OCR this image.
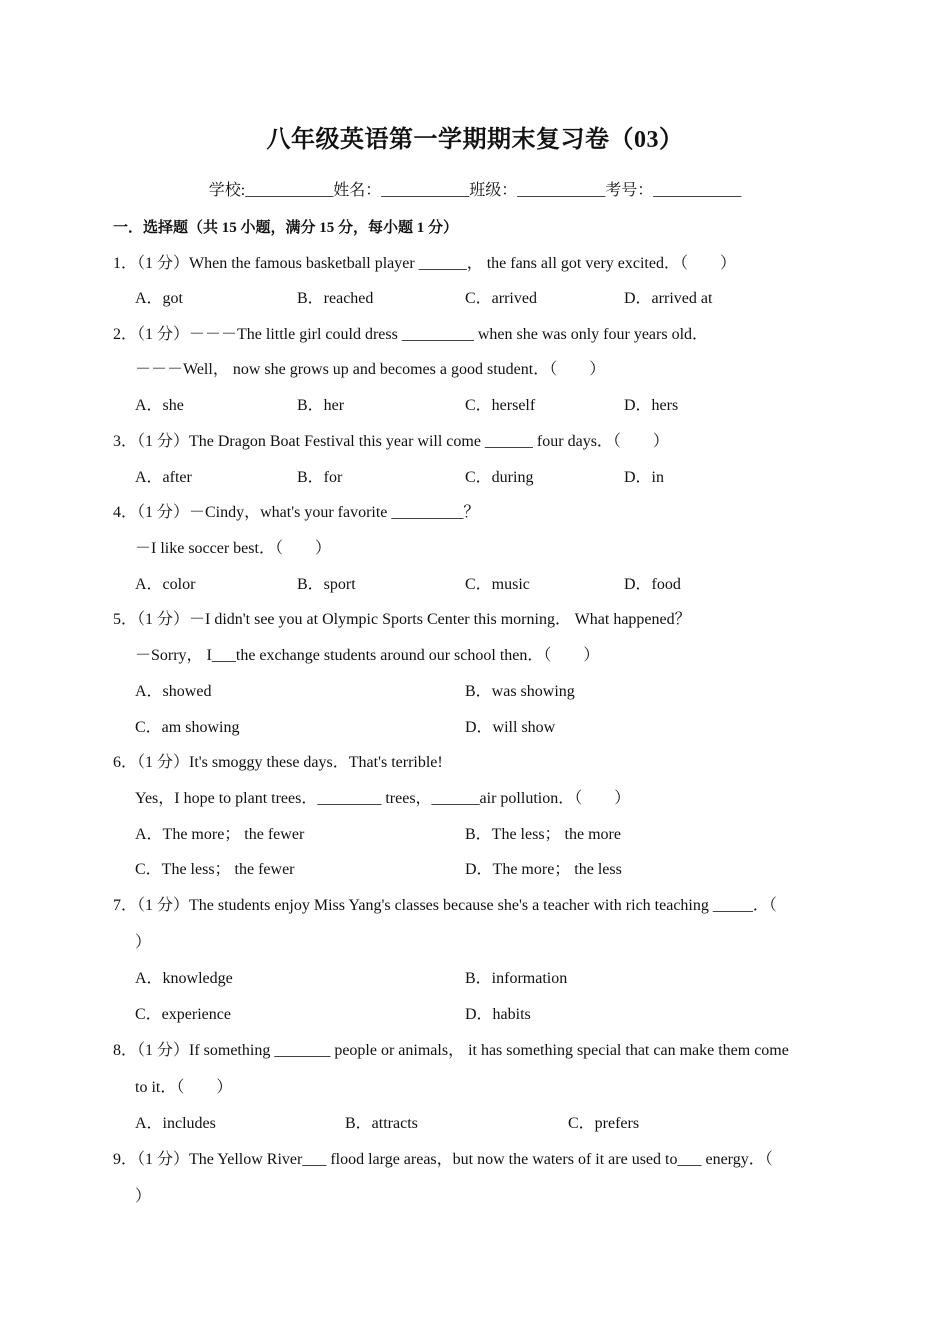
八年级英语第一学期期末复习卷（03）
学校:___________姓名：___________班级：___________考号：___________
一．选择题（共 15 小题，满分 15 分，每小题 1 分）
1．（1 分）When the famous basketball player ______， the fans all got very excited．（　　）
A．got	B．reached	C．arrived	D．arrived at
2．（1 分）－－－The little girl could dress _________ when she was only four years old．
－－－Well， now she grows up and becomes a good student．（　　）
A．she	B．her	C．herself	D．hers
3．（1 分）The Dragon Boat Festival this year will come ______ four days．（　　）
A．after	B．for	C．during	D．in
4．（1 分）－Cindy，what's your favorite _________？
－I like soccer best．（　　）
A．color	B．sport	C．music	D．food
5．（1 分）－I didn't see you at Olympic Sports Center this morning． What happened？
－Sorry， I___the exchange students around our school then．（　　）
A．showed	B．was showing
C．am showing	D．will show
6．（1 分）It's smoggy these days．That's terrible!
Yes，I hope to plant trees．________ trees，______air pollution．（　　）
A．The more； the fewer	B．The less； the more
C．The less； the fewer	D．The more； the less
7．（1 分）The students enjoy Miss Yang's classes because she's a teacher with rich teaching _____．（
）
A．knowledge	B．information
C．experience	D．habits
8．（1 分）If something _______ people or animals， it has something special that can make them come
to it．（　　）
A．includes	B．attracts	C．prefers
9．（1 分）The Yellow River___ flood large areas，but now the waters of it are used to___ energy．（
）
